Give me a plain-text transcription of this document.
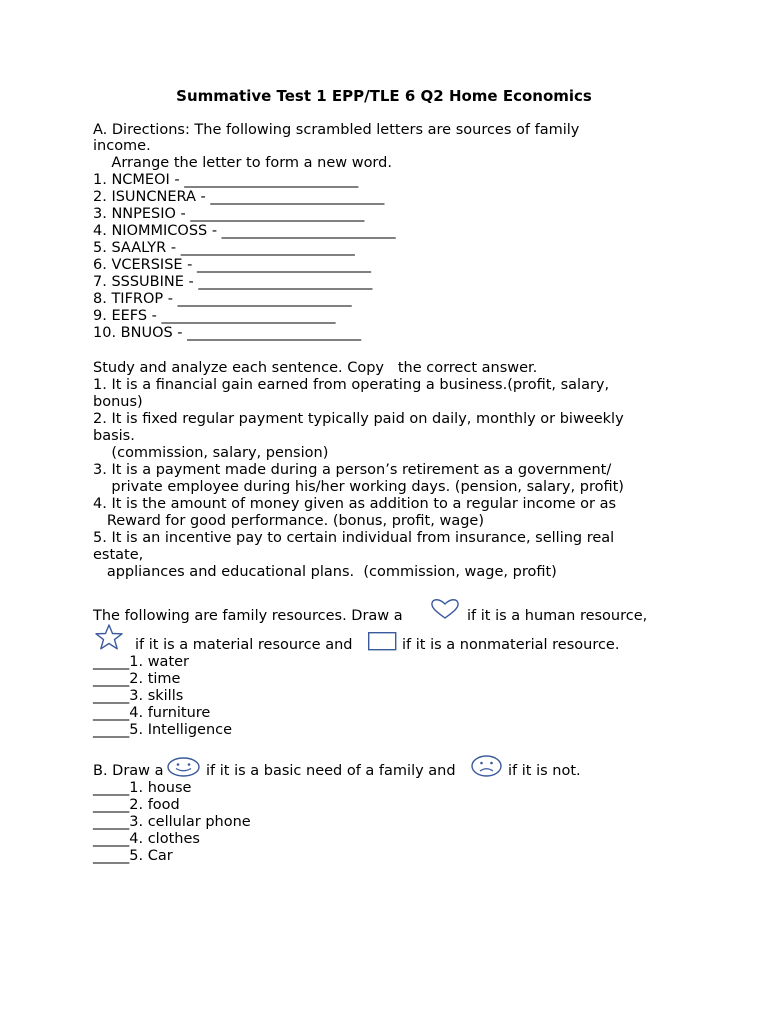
Summative Test 1 EPP/TLE 6 Q2 Home Economics
A. Directions: The following scrambled letters are sources of family
income.
Arrange the letter to form a new word.
1. NCMEOI - ________________________
2. ISUNCNERA - ________________________
3. NNPESIO - ________________________
4. NIOMMICOSS - ________________________
5. SAALYR - ________________________
6. VCERSISE - ________________________
7. SSSUBINE - ________________________
8. TIFROP - ________________________
9. EEFS - ________________________
10. BNUOS - ________________________
Study and analyze each sentence. Copy   the correct answer.
1. It is a financial gain earned from operating a business.(profit, salary,
bonus)
2. It is fixed regular payment typically paid on daily, monthly or biweekly
basis.
(commission, salary, pension)
3. It is a payment made during a person’s retirement as a government/
private employee during his/her working days. (pension, salary, profit)
4. It is the amount of money given as addition to a regular income or as
Reward for good performance. (bonus, profit, wage)
5. It is an incentive pay to certain individual from insurance, selling real
estate,
appliances and educational plans.  (commission, wage, profit)
The following are family resources. Draw a	if it is a human resource,
if it is a material resource and	if it is a nonmaterial resource.
_____1. water
_____2. time
_____3. skills
_____4. furniture
_____5. Intelligence
B. Draw a	if it is a basic need of a family and	if it is not.
_____1. house
_____2. food
_____3. cellular phone
_____4. clothes
_____5. Car
